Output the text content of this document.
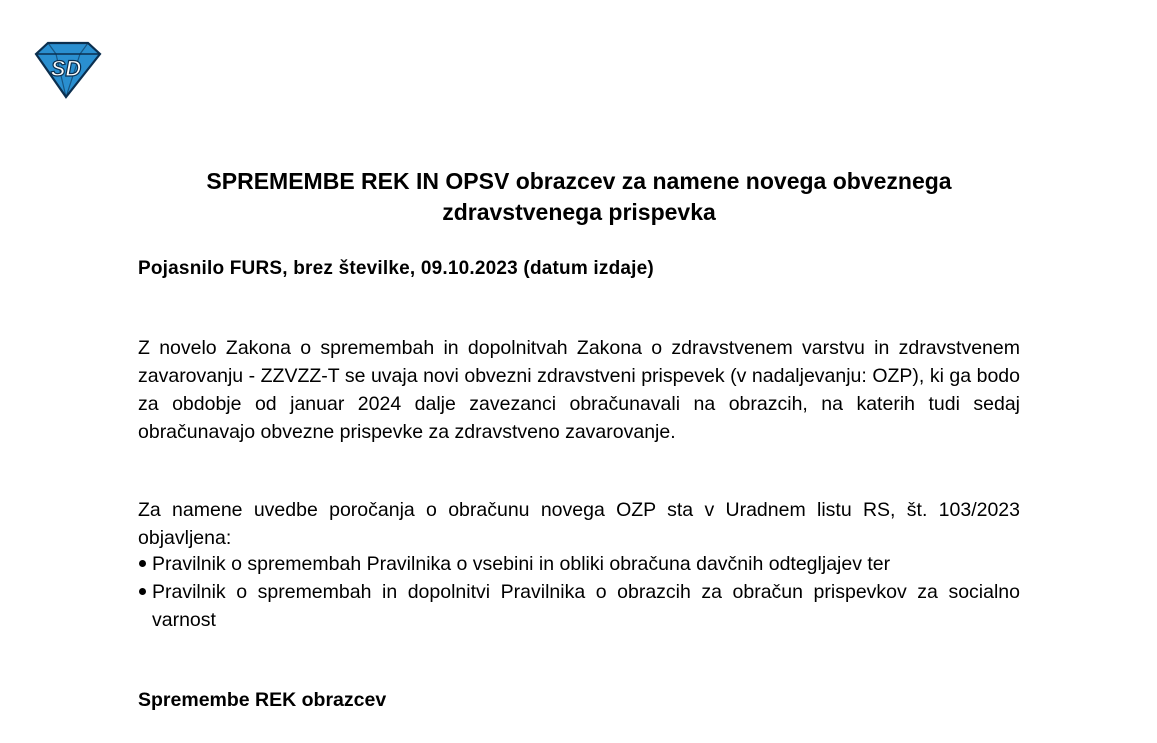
SD
SPREMEMBE REK IN OPSV obrazcev za namene novega obveznega zdravstvenega prispevka

Pojasnilo FURS, brez številke, 09.10.2023 (datum izdaje)

Z novelo Zakona o spremembah in dopolnitvah Zakona o zdravstvenem varstvu in zdravstvenem zavarovanju - ZZVZZ-T se uvaja novi obvezni zdravstveni prispevek (v nadaljevanju: OZP), ki ga bodo za obdobje od januar 2024 dalje zavezanci obračunavali na obrazcih, na katerih tudi sedaj obračunavajo obvezne prispevke za zdravstveno zavarovanje.

Za namene uvedbe poročanja o obračunu novega OZP sta v Uradnem listu RS, št. 103/2023 objavljena:

Pravilnik o spremembah Pravilnika o vsebini in obliki obračuna davčnih odtegljajev ter
Pravilnik o spremembah in dopolnitvi Pravilnika o obrazcih za obračun prispevkov za socialno varnost
Spremembe REK obrazcev
